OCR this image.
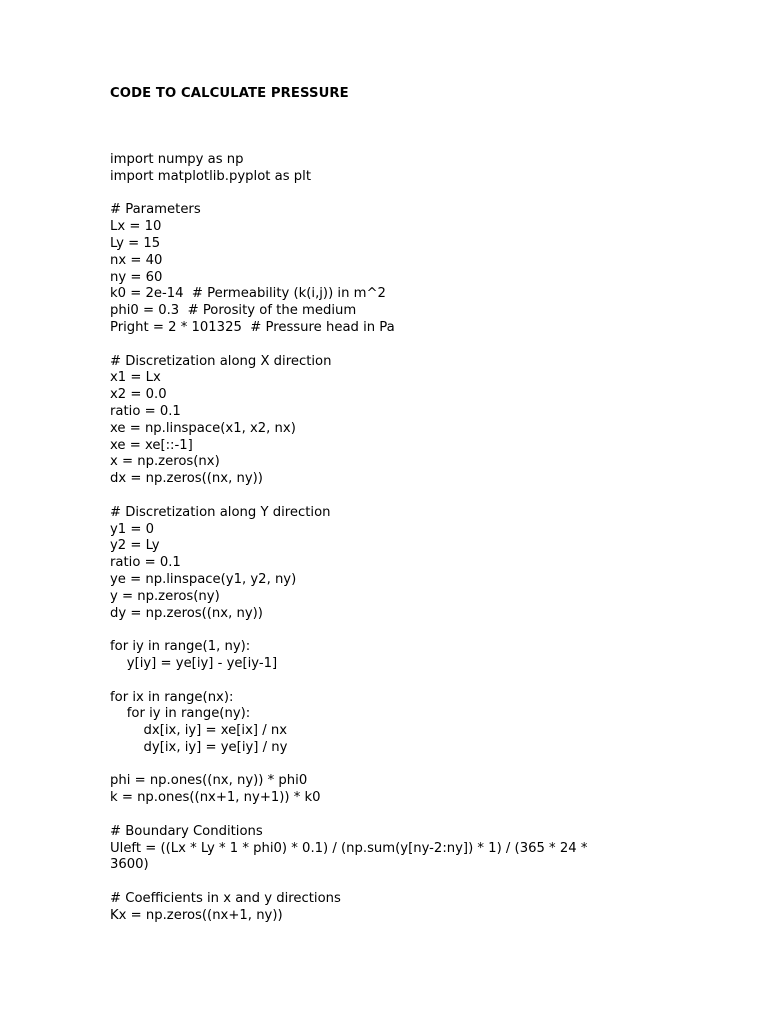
CODE TO CALCULATE PRESSURE
import numpy as np
import matplotlib.pyplot as plt
# Parameters
Lx = 10
Ly = 15
nx = 40
ny = 60
k0 = 2e-14  # Permeability (k(i,j)) in m^2
phi0 = 0.3  # Porosity of the medium
Pright = 2 * 101325  # Pressure head in Pa
# Discretization along X direction
x1 = Lx
x2 = 0.0
ratio = 0.1
xe = np.linspace(x1, x2, nx)
xe = xe[::-1]
x = np.zeros(nx)
dx = np.zeros((nx, ny))
# Discretization along Y direction
y1 = 0
y2 = Ly
ratio = 0.1
ye = np.linspace(y1, y2, ny)
y = np.zeros(ny)
dy = np.zeros((nx, ny))
for iy in range(1, ny):
y[iy] = ye[iy] - ye[iy-1]
for ix in range(nx):
for iy in range(ny):
dx[ix, iy] = xe[ix] / nx
dy[ix, iy] = ye[iy] / ny
phi = np.ones((nx, ny)) * phi0
k = np.ones((nx+1, ny+1)) * k0
# Boundary Conditions
Uleft = ((Lx * Ly * 1 * phi0) * 0.1) / (np.sum(y[ny-2:ny]) * 1) / (365 * 24 *
3600)
# Coefficients in x and y directions
Kx = np.zeros((nx+1, ny))
